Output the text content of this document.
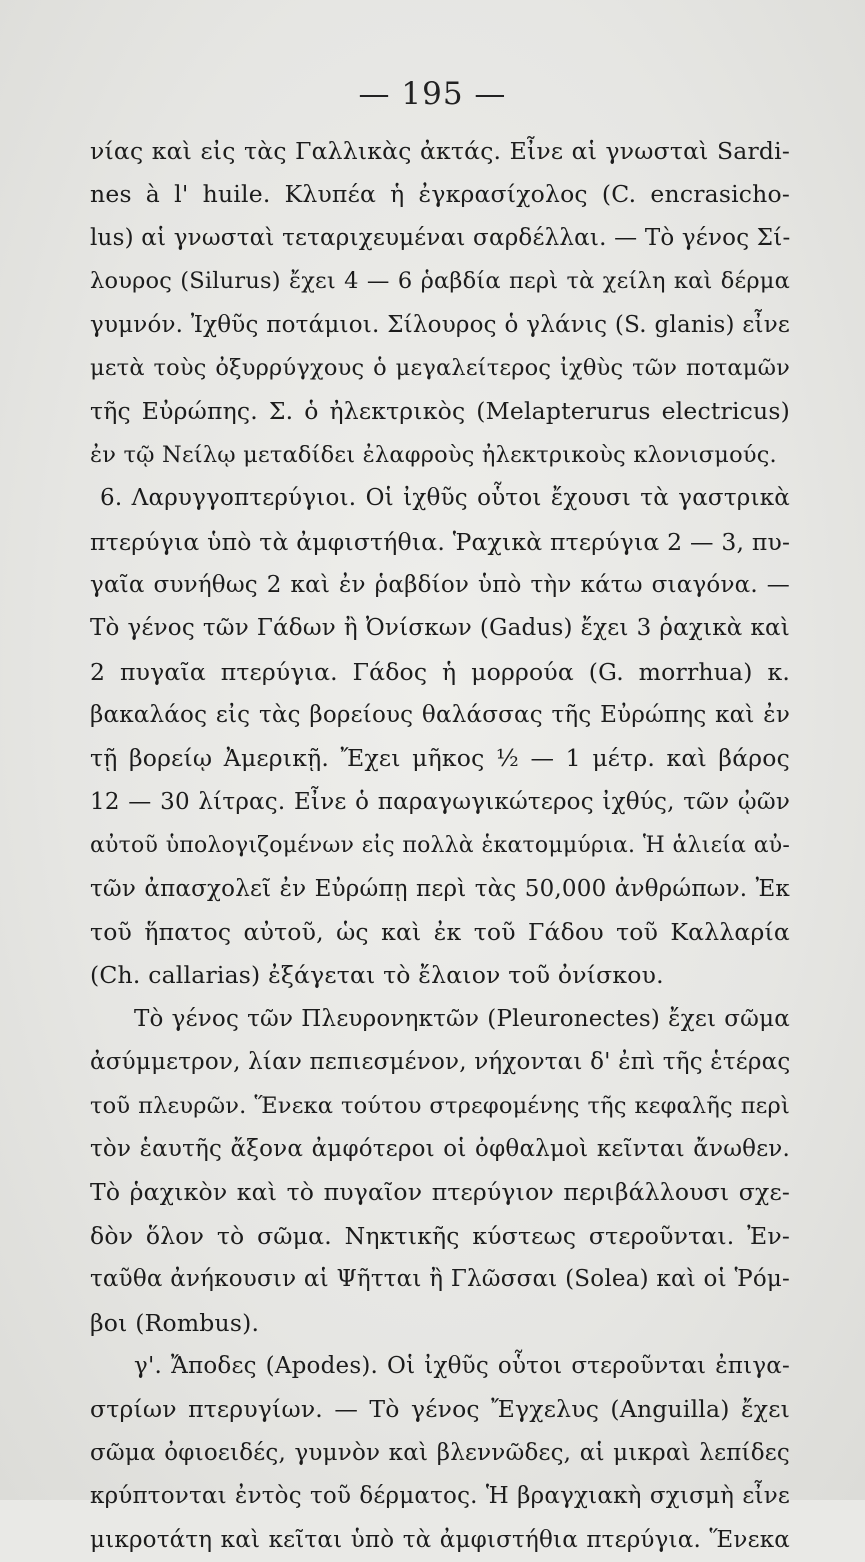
— 195 —
νίας καὶ εἰς τὰς Γαλλικὰς ἀκτάς. Εἶνε αἱ γνωσταὶ Sardi-
nes à l' huile. Κλυπέα ἡ ἐγκρασίχολος (C. encrasicho-
lus) αἱ γνωσταὶ τεταριχευμέναι σαρδέλλαι. — Τὸ γένος Σί-
λουρος (Silurus) ἔχει 4 — 6 ῥαβδία περὶ τὰ χείλη καὶ δέρμα
γυμνόν. Ἰχθῦς ποτάμιοι. Σίλουρος ὁ γλάνις (S. glanis) εἶνε
μετὰ τοὺς ὀξυρρύγχους ὁ μεγαλείτερος ἰχθὺς τῶν ποταμῶν
τῆς Εὐρώπης. Σ. ὁ ἠλεκτρικὸς (Melapterurus electricus)
ἐν τῷ Νείλῳ μεταδίδει ἐλαφροὺς ἠλεκτρικοὺς κλονισμούς.
6. Λαρυγγοπτερύγιοι. Οἱ ἰχθῦς οὗτοι ἔχουσι τὰ γαστρικὰ
πτερύγια ὑπὸ τὰ ἀμφιστήθια. Ῥαχικὰ πτερύγια 2 — 3, πυ-
γαῖα συνήθως 2 καὶ ἐν ῥαβδίον ὑπὸ τὴν κάτω σιαγόνα. —
Τὸ γένος τῶν Γάδων ἢ Ὀνίσκων (Gadus) ἔχει 3 ῥαχικὰ καὶ
2 πυγαῖα πτερύγια. Γάδος ἡ μορρούα (G. morrhua) κ.
βακαλάος εἰς τὰς βορείους θαλάσσας τῆς Εὐρώπης καὶ ἐν
τῇ βορείῳ Ἀμερικῇ. Ἔχει μῆκος ½ — 1 μέτρ. καὶ βάρος
12 — 30 λίτρας. Εἶνε ὁ παραγωγικώτερος ἰχθύς, τῶν ᾠῶν
αὐτοῦ ὑπολογιζομένων εἰς πολλὰ ἑκατομμύρια. Ἡ ἁλιεία αὐ-
τῶν ἀπασχολεῖ ἐν Εὐρώπῃ περὶ τὰς 50,000 ἀνθρώπων. Ἐκ
τοῦ ἥπατος αὐτοῦ, ὡς καὶ ἐκ τοῦ Γάδου τοῦ Καλλαρία
(Ch. callarias) ἐξάγεται τὸ ἔλαιον τοῦ ὀνίσκου.
Τὸ γένος τῶν Πλευρονηκτῶν (Pleuronectes) ἔχει σῶμα
ἀσύμμετρον, λίαν πεπιεσμένον, νήχονται δ' ἐπὶ τῆς ἑτέρας
τοῦ πλευρῶν. Ἕνεκα τούτου στρεφομένης τῆς κεφαλῆς περὶ
τὸν ἑαυτῆς ἄξονα ἀμφότεροι οἱ ὀφθαλμοὶ κεῖνται ἄνωθεν.
Τὸ ῥαχικὸν καὶ τὸ πυγαῖον πτερύγιον περιβάλλουσι σχε-
δὸν ὅλον τὸ σῶμα. Νηκτικῆς κύστεως στεροῦνται. Ἐν-
ταῦθα ἀνήκουσιν αἱ Ψῆτται ἢ Γλῶσσαι (Solea) καὶ οἱ Ῥόμ-
βοι (Rombus).
γ'. Ἄποδες (Apodes). Οἱ ἰχθῦς οὗτοι στεροῦνται ἐπιγα-
στρίων πτερυγίων. — Τὸ γένος Ἔγχελυς (Anguilla) ἔχει
σῶμα ὀφιοειδές, γυμνὸν καὶ βλεννῶδες, αἱ μικραὶ λεπίδες
κρύπτονται ἐντὸς τοῦ δέρματος. Ἡ βραγχιακὴ σχισμὴ εἶνε
μικροτάτη καὶ κεῖται ὑπὸ τὰ ἀμφιστήθια πτερύγια. Ἕνεκα
